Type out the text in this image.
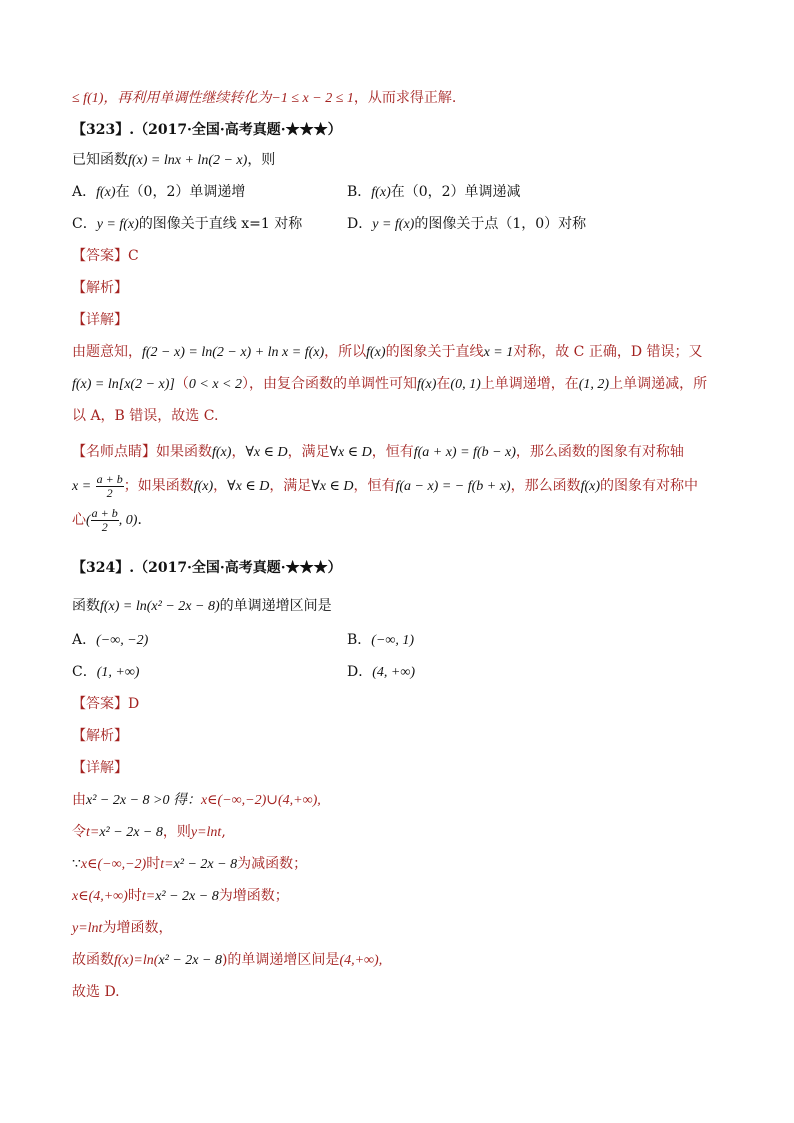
≤ f(1)，再利用单调性继续转化为−1 ≤ x − 2 ≤ 1，从而求得正解.
【323】.（2017·全国·高考真题·★★★）
已知函数f(x) = lnx + ln(2 − x)，则
A．f(x)在（0，2）单调递增	B．f(x)在（0，2）单调递减
C．y = f(x)的图像关于直线 x=1 对称	D．y = f(x)的图像关于点（1，0）对称
【答案】C
【解析】
【详解】
由题意知，f(2 − x) = ln(2 − x) + ln x = f(x)，所以f(x)的图象关于直线x = 1对称，故 C 正确，D 错误；又
f(x) = ln[x(2 − x)]（0 < x < 2），由复合函数的单调性可知f(x)在(0, 1)上单调递增，在(1, 2)上单调递减，所
以 A，B 错误，故选 C.
【名师点睛】如果函数f(x)，∀x ∈ D，满足∀x ∈ D，恒有f(a + x) = f(b − x)，那么函数的图象有对称轴
$x = \frac{a + b}{2}$ ；如果函数f(x)，∀x ∈ D，满足∀x ∈ D，恒有f(a − x) = − f(b + x)，那么函数f(x)的图象有对称中
心( $\frac{a + b}{2}$ , 0)．
【324】.（2017·全国·高考真题·★★★）
函数f(x) = ln(x² − 2x − 8)的单调递增区间是
A．(−∞, −2)	B．(−∞, 1)
C．(1, +∞)	D．(4, +∞)
【答案】D
【解析】
【详解】
由x² − 2x − 8 >0 得：x∈(−∞,−2)∪(4,+∞),
令t=x² − 2x − 8，则y=lnt,
∵x∈(−∞,−2)时t=x² − 2x − 8为减函数；
x∈(4,+∞)时t=x² − 2x − 8为增函数；
y=lnt为增函数，
故函数f(x)=ln(x² − 2x − 8)的单调递增区间是(4,+∞),
故选 D.
